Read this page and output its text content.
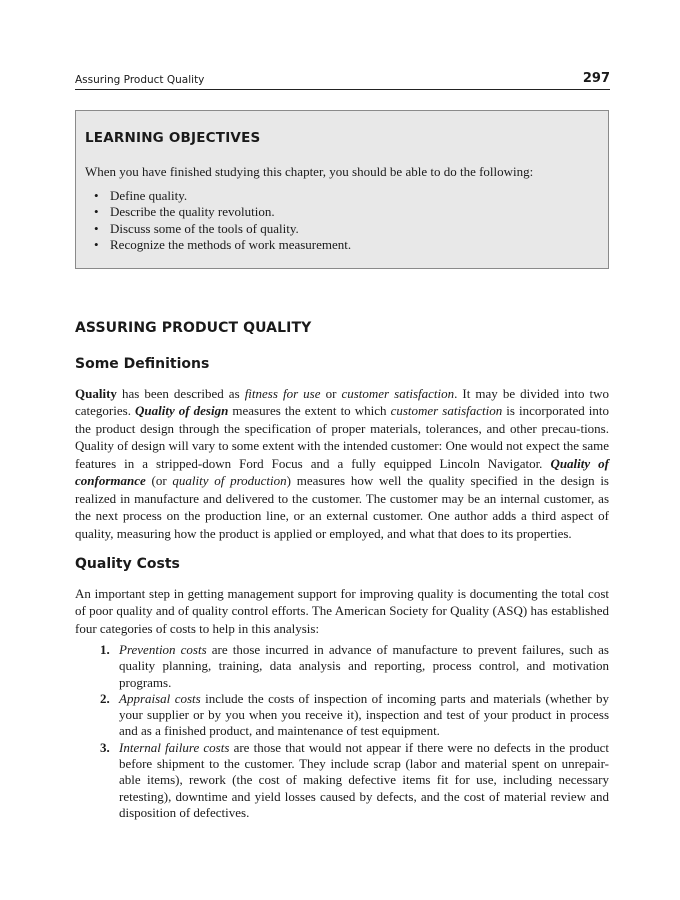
Assuring Product Quality	297
LEARNING OBJECTIVES
When you have finished studying this chapter, you should be able to do the following:
• Define quality.
• Describe the quality revolution.
• Discuss some of the tools of quality.
• Recognize the methods of work measurement.
ASSURING PRODUCT QUALITY
Some Definitions

Quality has been described as fitness for use or customer satisfaction. It may be divided into two categories. Quality of design measures the extent to which customer satisfaction is incorporated into the product design through the specification of proper materials, tolerances, and other precau-tions. Quality of design will vary to some extent with the intended customer: One would not expect the same features in a stripped-down Ford Focus and a fully equipped Lincoln Navigator. Quality of conformance (or quality of production) measures how well the quality specified in the design is realized in manufacture and delivered to the customer. The customer may be an internal customer, as the next process on the production line, or an external customer. One author adds a third aspect of quality, measuring how the product is applied or employed, and what that does to its properties.

Quality Costs

An important step in getting management support for improving quality is documenting the total cost of poor quality and of quality control efforts. The American Society for Quality (ASQ) has established four categories of costs to help in this analysis:

1. Prevention costs are those incurred in advance of manufacture to prevent failures, such as quality planning, training, data analysis and reporting, process control, and motivation programs.
2. Appraisal costs include the costs of inspection of incoming parts and materials (whether by your supplier or by you when you receive it), inspection and test of your product in process and as a finished product, and maintenance of test equipment.
3. Internal failure costs are those that would not appear if there were no defects in the product before shipment to the customer. They include scrap (labor and material spent on unrepair-able items), rework (the cost of making defective items fit for use, including necessary retesting), downtime and yield losses caused by defects, and the cost of material review and disposition of defectives.
